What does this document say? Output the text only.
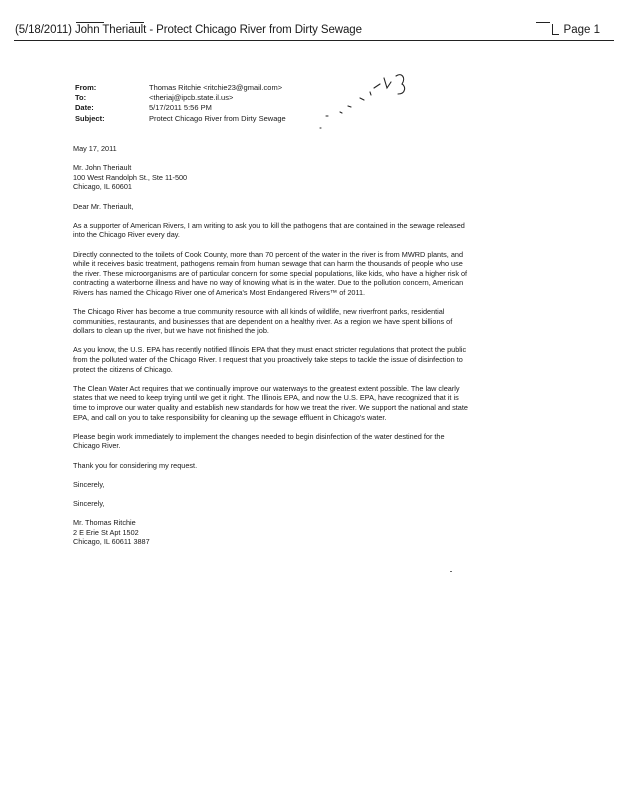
(5/18/2011) John Theriault - Protect Chicago River from Dirty Sewage	Page 1
From:	Thomas Ritchie <ritchie23@gmail.com>
To:	<theriaj@ipcb.state.il.us>
Date:	5/17/2011 5:56 PM
Subject:	Protect Chicago River from Dirty Sewage

May 17, 2011

Mr. John Theriault

100 West Randolph St., Ste 11-500

Chicago, IL 60601

Dear Mr. Theriault,

As a supporter of American Rivers, I am writing to ask you to kill the pathogens that are contained in the sewage released into the Chicago River every day.

Directly connected to the toilets of Cook County, more than 70 percent of the water in the river is from MWRD plants, and while it receives basic treatment, pathogens remain from human sewage that can harm the thousands of people who use the river. These microorganisms are of particular concern for some special populations, like kids, who have a higher risk of contracting a waterborne illness and have no way of knowing what is in the water. Due to the pollution concern, American Rivers has named the Chicago River one of America's Most Endangered Rivers™ of 2011.

The Chicago River has become a true community resource with all kinds of wildlife, new riverfront parks, residential communities, restaurants, and businesses that are dependent on a healthy river. As a region we have spent billions of dollars to clean up the river, but we have not finished the job.

As you know, the U.S. EPA has recently notified Illinois EPA that they must enact stricter regulations that protect the public from the polluted water of the Chicago River. I request that you proactively take steps to tackle the issue of disinfection to protect the citizens of Chicago.

The Clean Water Act requires that we continually improve our waterways to the greatest extent possible. The law clearly states that we need to keep trying until we get it right. The Illinois EPA, and now the U.S. EPA, have recognized that it is time to improve our water quality and establish new standards for how we treat the river. We support the national and state EPA, and call on you to take responsibility for cleaning up the sewage effluent in Chicago's water.

Please begin work immediately to implement the changes needed to begin disinfection of the water destined for the Chicago River.

Thank you for considering my request.

Sincerely,

Sincerely,

Mr. Thomas Ritchie

2 E Erie St Apt 1502

Chicago, IL 60611 3887
